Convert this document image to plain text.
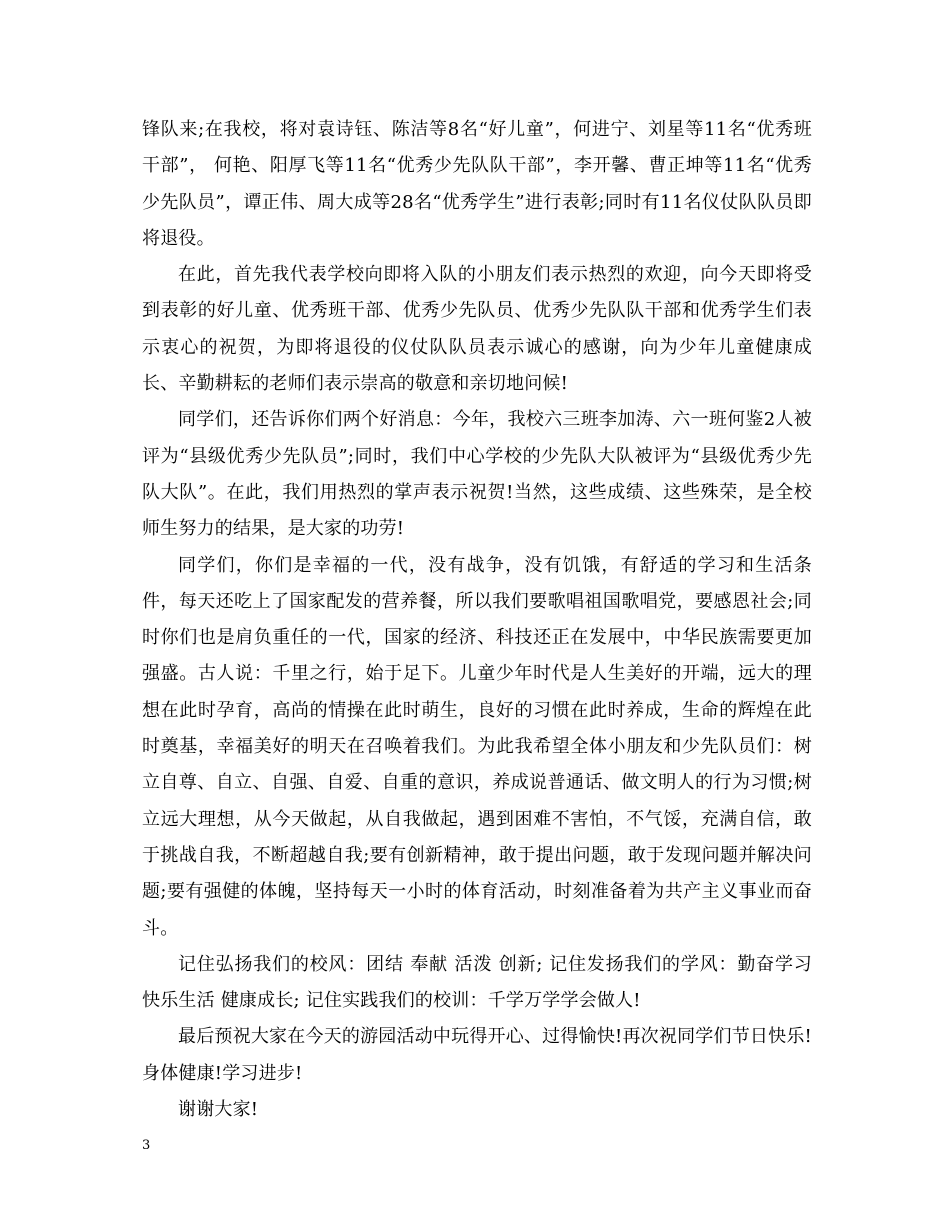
锋队来;在我校，将对袁诗钰、陈洁等8名“好儿童”，何进宁、刘星等11名“优秀班干部”， 何艳、阳厚飞等11名“优秀少先队队干部”，李开馨、曹正坤等11名“优秀少先队员”，谭正伟、周大成等28名“优秀学生”进行表彰;同时有11名仪仗队队员即将退役。

在此，首先我代表学校向即将入队的小朋友们表示热烈的欢迎，向今天即将受到表彰的好儿童、优秀班干部、优秀少先队员、优秀少先队队干部和优秀学生们表示衷心的祝贺，为即将退役的仪仗队队员表示诚心的感谢，向为少年儿童健康成长、辛勤耕耘的老师们表示崇高的敬意和亲切地问候!

同学们，还告诉你们两个好消息：今年，我校六三班李加涛、六一班何鉴2人被评为“县级优秀少先队员”;同时，我们中心学校的少先队大队被评为“县级优秀少先队大队”。在此，我们用热烈的掌声表示祝贺!当然，这些成绩、这些殊荣，是全校师生努力的结果，是大家的功劳!

同学们，你们是幸福的一代，没有战争，没有饥饿，有舒适的学习和生活条件，每天还吃上了国家配发的营养餐，所以我们要歌唱祖国歌唱党，要感恩社会;同时你们也是肩负重任的一代，国家的经济、科技还正在发展中，中华民族需要更加强盛。古人说：千里之行，始于足下。儿童少年时代是人生美好的开端，远大的理想在此时孕育，高尚的情操在此时萌生，良好的习惯在此时养成，生命的辉煌在此时奠基，幸福美好的明天在召唤着我们。为此我希望全体小朋友和少先队员们：树立自尊、自立、自强、自爱、自重的意识，养成说普通话、做文明人的行为习惯;树立远大理想，从今天做起，从自我做起，遇到困难不害怕，不气馁，充满自信，敢于挑战自我，不断超越自我;要有创新精神，敢于提出问题，敢于发现问题并解决问题;要有强健的体魄，坚持每天一小时的体育活动，时刻准备着为共产主义事业而奋斗。

记住弘扬我们的校风：团结 奉献 活泼 创新; 记住发扬我们的学风：勤奋学习 快乐生活 健康成长; 记住实践我们的校训：千学万学学会做人!

最后预祝大家在今天的游园活动中玩得开心、过得愉快!再次祝同学们节日快乐!身体健康!学习进步!

谢谢大家!

3
